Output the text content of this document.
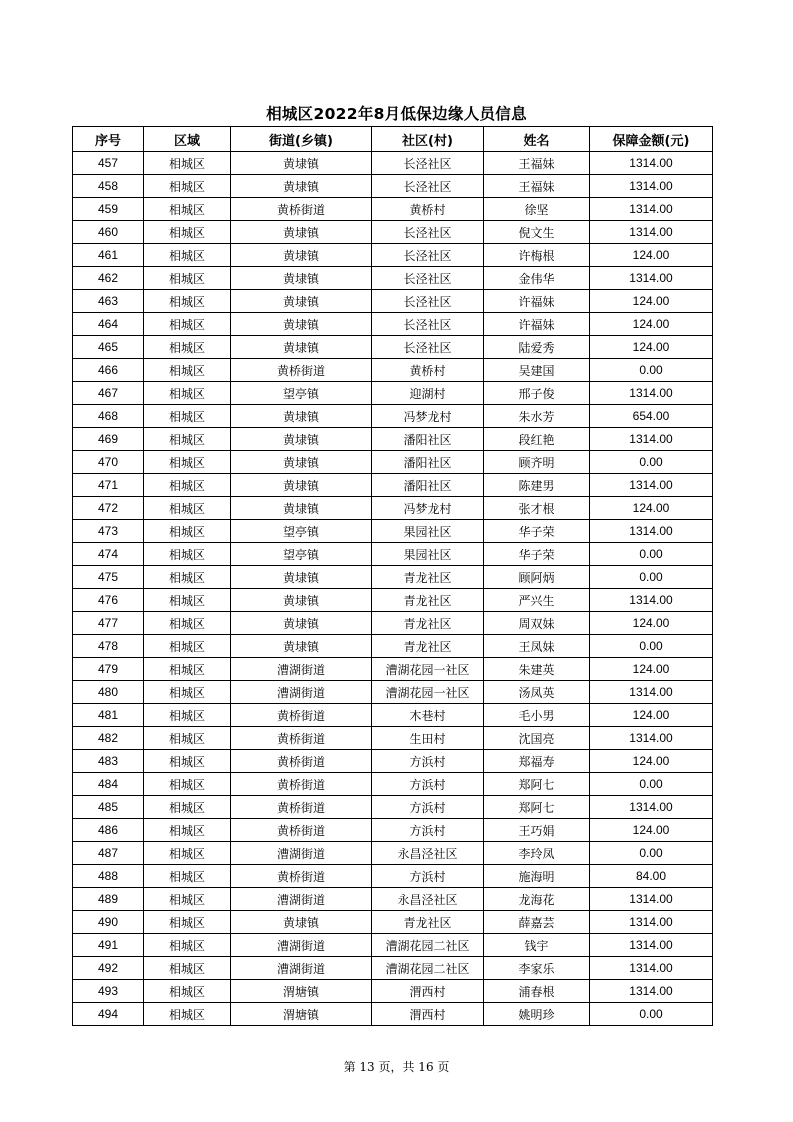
相城区2022年8月低保边缘人员信息
序号	区域	街道(乡镇)	社区(村)	姓名	保障金额(元)
457	相城区	黄埭镇	长泾社区	王福妹	1314.00
458	相城区	黄埭镇	长泾社区	王福妹	1314.00
459	相城区	黄桥街道	黄桥村	徐坚	1314.00
460	相城区	黄埭镇	长泾社区	倪文生	1314.00
461	相城区	黄埭镇	长泾社区	许梅根	124.00
462	相城区	黄埭镇	长泾社区	金伟华	1314.00
463	相城区	黄埭镇	长泾社区	许福妹	124.00
464	相城区	黄埭镇	长泾社区	许福妹	124.00
465	相城区	黄埭镇	长泾社区	陆爱秀	124.00
466	相城区	黄桥街道	黄桥村	吴建国	0.00
467	相城区	望亭镇	迎湖村	邢子俊	1314.00
468	相城区	黄埭镇	冯梦龙村	朱水芳	654.00
469	相城区	黄埭镇	潘阳社区	段红艳	1314.00
470	相城区	黄埭镇	潘阳社区	顾齐明	0.00
471	相城区	黄埭镇	潘阳社区	陈建男	1314.00
472	相城区	黄埭镇	冯梦龙村	张才根	124.00
473	相城区	望亭镇	果园社区	华子荣	1314.00
474	相城区	望亭镇	果园社区	华子荣	0.00
475	相城区	黄埭镇	青龙社区	顾阿炳	0.00
476	相城区	黄埭镇	青龙社区	严兴生	1314.00
477	相城区	黄埭镇	青龙社区	周双妹	124.00
478	相城区	黄埭镇	青龙社区	王凤妹	0.00
479	相城区	漕湖街道	漕湖花园一社区	朱建英	124.00
480	相城区	漕湖街道	漕湖花园一社区	汤凤英	1314.00
481	相城区	黄桥街道	木巷村	毛小男	124.00
482	相城区	黄桥街道	生田村	沈国亮	1314.00
483	相城区	黄桥街道	方浜村	郑福寿	124.00
484	相城区	黄桥街道	方浜村	郑阿七	0.00
485	相城区	黄桥街道	方浜村	郑阿七	1314.00
486	相城区	黄桥街道	方浜村	王巧娟	124.00
487	相城区	漕湖街道	永昌泾社区	李玲凤	0.00
488	相城区	黄桥街道	方浜村	施海明	84.00
489	相城区	漕湖街道	永昌泾社区	龙海花	1314.00
490	相城区	黄埭镇	青龙社区	薛嘉芸	1314.00
491	相城区	漕湖街道	漕湖花园二社区	钱宇	1314.00
492	相城区	漕湖街道	漕湖花园二社区	李家乐	1314.00
493	相城区	渭塘镇	渭西村	浦春根	1314.00
494	相城区	渭塘镇	渭西村	姚明珍	0.00
第 13 页，共 16 页
